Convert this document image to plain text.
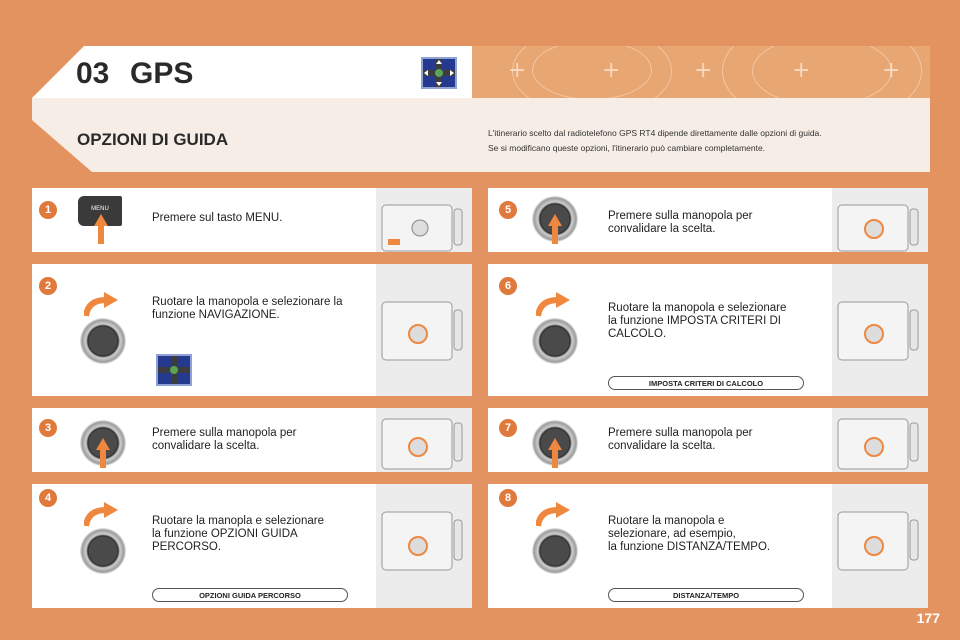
+	+	+	+	+
03 GPS
OPZIONI DI GUIDA	L'itinerario scelto dal radiotelefono GPS RT4 dipende direttamente dalle opzioni di guida.
Se si modificano queste opzioni, l'itinerario può cambiare completamente.
1
2
3
4
5
6
7
8
Premere sul tasto MENU.
Ruotare la manopola e selezionare la
funzione NAVIGAZIONE.
Premere sulla manopola per
convalidare la scelta.
Ruotare la manopla e selezionare
la funzione OPZIONI GUIDA
PERCORSO.
Premere sulla manopola per
convalidare la scelta.
Ruotare la manopola e selezionare
la funzione IMPOSTA CRITERI DI
CALCOLO.
Premere sulla manopola per
convalidare la scelta.
Ruotare la manopola e
selezionare, ad esempio,
la funzione DISTANZA/TEMPO.
MENU
OPZIONI GUIDA PERCORSO
IMPOSTA CRITERI DI CALCOLO
DISTANZA/TEMPO
177
